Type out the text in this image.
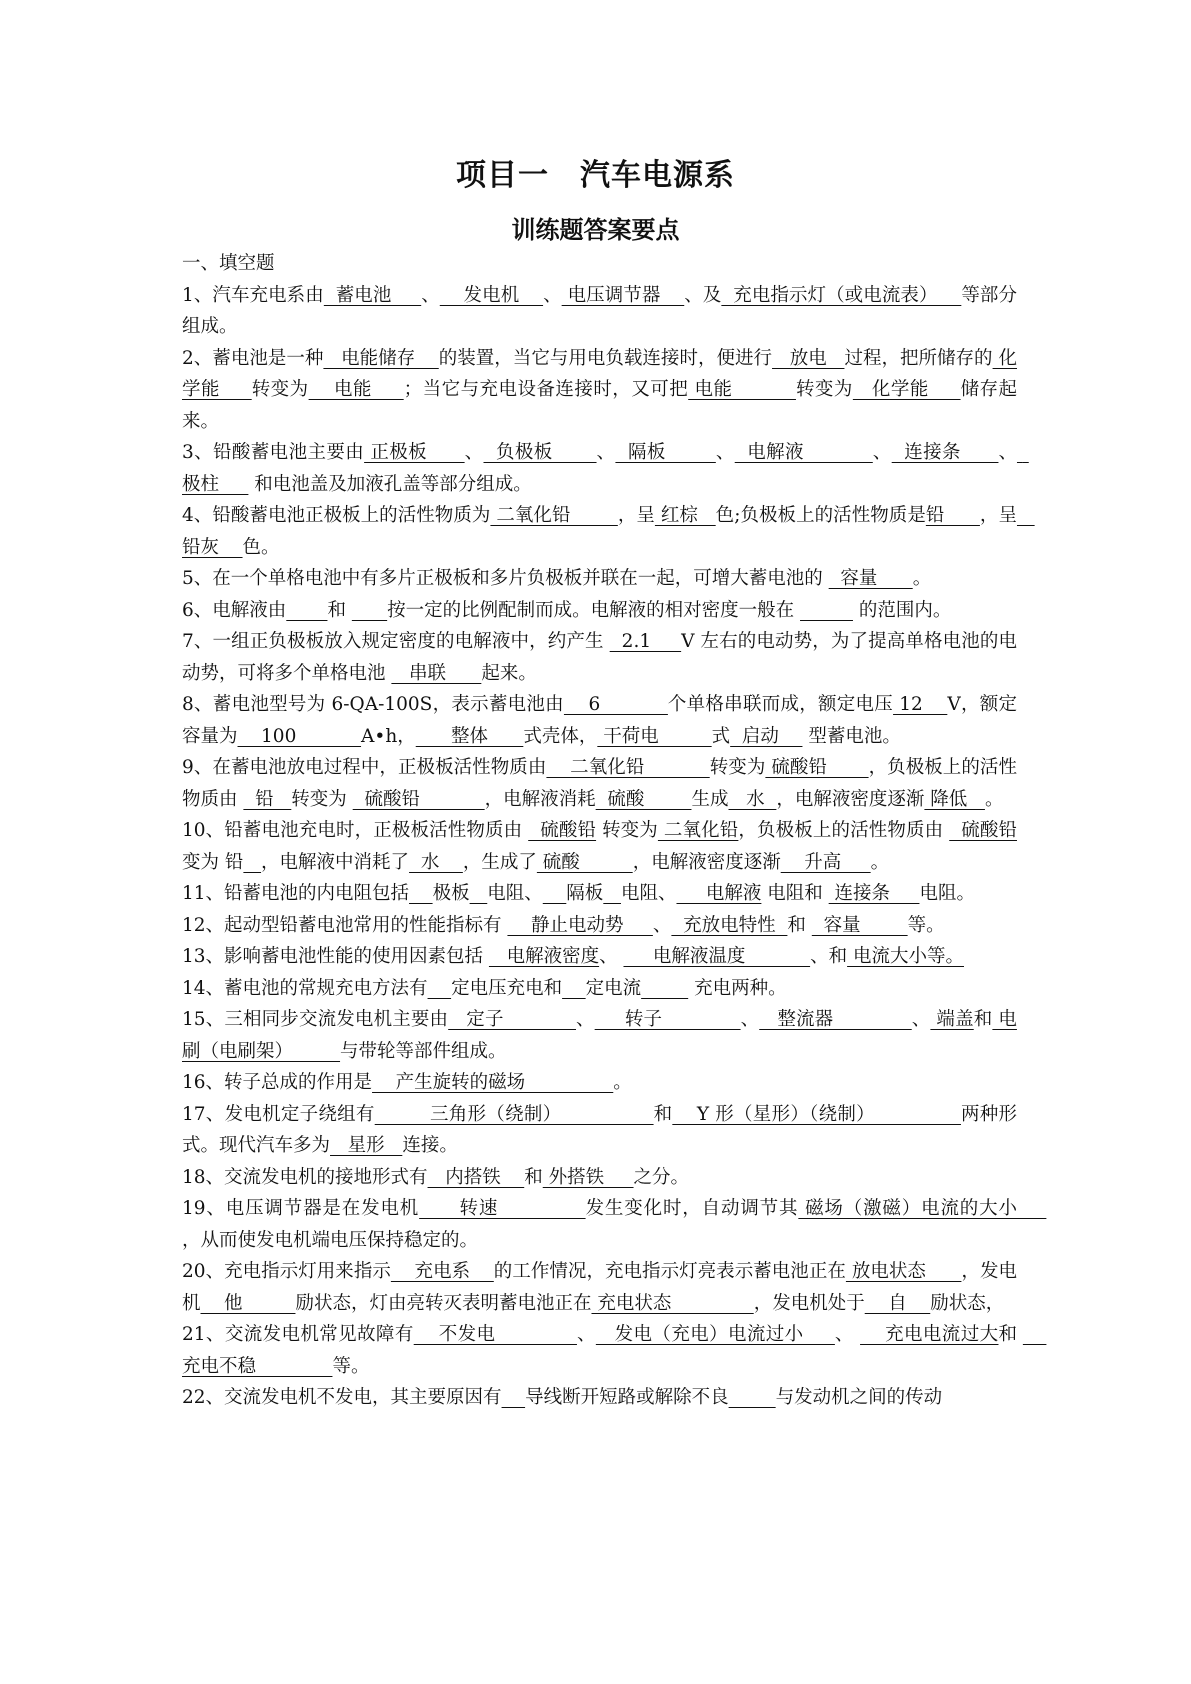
项目一　汽车电源系
训练题答案要点

一、填空题

1、汽车充电系由  蓄电池     、    发电机    、 电压调节器    、及  充电指示灯（或电流表）    等部分组成。

2、蓄电池是一种   电能储存    的装置，当它与用电负载连接时，便进行   放电   过程，把所储存的 化学能     转变为    电能     ；当它与充电设备连接时，又可把 电能          转变为   化学能     储存起来。

3、铅酸蓄电池主要由 正极板      、  负极板       、  隔板        、  电解液           、  连接条      、  极柱      和电池盖及加液孔盖等部分组成。

4、铅酸蓄电池正极板上的活性物质为 二氧化铅        ，呈 红棕   色;负极板上的活性物质是铅      ，呈   铅灰    色。

5、在一个单格电池中有多片正极板和多片负极板并联在一起，可增大蓄电池的   容量      。

6、电解液由 和       按一定的比例配制而成。电解液的相对密度一般在	的范围内。

7、一组正负极板放入规定密度的电解液中，约产生   2.1     V 左右的电动势，为了提高单格电池的电动势，可将多个单格电池    串联      起来。

8、蓄电池型号为 6-QA-100S，表示蓄电池由    6           个单格串联而成，额定电压 12    V，额定容量为    100           A•h，      整体      式壳体， 干荷电         式  启动     型蓄电池。

9、在蓄电池放电过程中，正极板活性物质由    二氧化铅           转变为 硫酸铅       ，负极板上的活性物质由   铅   转变为   硫酸铅           ，电解液消耗  硫酸        生成   水  ，电解液密度逐渐 降低   。

10、铅蓄电池充电时，正极板活性物质由   硫酸铅 转变为 二氧化铅，负极板上的活性物质由   硫酸铅变为 铅 ，电解液中消耗了  水    ，生成了 硫酸         ，电解液密度逐渐    升高     。

11、铅蓄电池的内电阻包括 极板 电阻、 隔板 电阻、     电解液 电阻和  连接条     电阻。

12、起动型铅蓄电池常用的性能指标有     静止电动势     、  充放电特性  和   容量        等。

13、影响蓄电池性能的使用因素包括    电解液密度、      电解液温度           、和 电流大小等。

14、蓄电池的常规充电方法有 定电压充电和 定电流	充电两种。

15、三相同步交流发电机主要由   定子            、     转子             、   整流器             、 端盖和 电刷（电刷架）        与带轮等部件组成。

16、转子总成的作用是    产生旋转的磁场               。

17、发电机定子绕组有         三角形（绕制）               和    Y 形（星形）（绕制）              两种形式。现代汽车多为   星形   连接。

18、交流发电机的接地形式有   内搭铁    和 外搭铁     之分。

19、电压调节器是在发电机      转速             发生变化时，自动调节其 磁场（激磁）电流的大小     ，从而使发电机端电压保持稳定的。

20、充电指示灯用来指示    充电系    的工作情况，充电指示灯亮表示蓄电池正在 放电状态      ，发电机    他         励状态，灯由亮转灭表明蓄电池正在 充电状态              ，发电机处于    自    励状态，

21、交流发电机常见故障有    不发电             、   发电（充电）电流过小     、     充电电流过大和     充电不稳             等。

22、交流发电机不发电，其主要原因有 导线断开短路或解除不良	与发动机之间的传动
